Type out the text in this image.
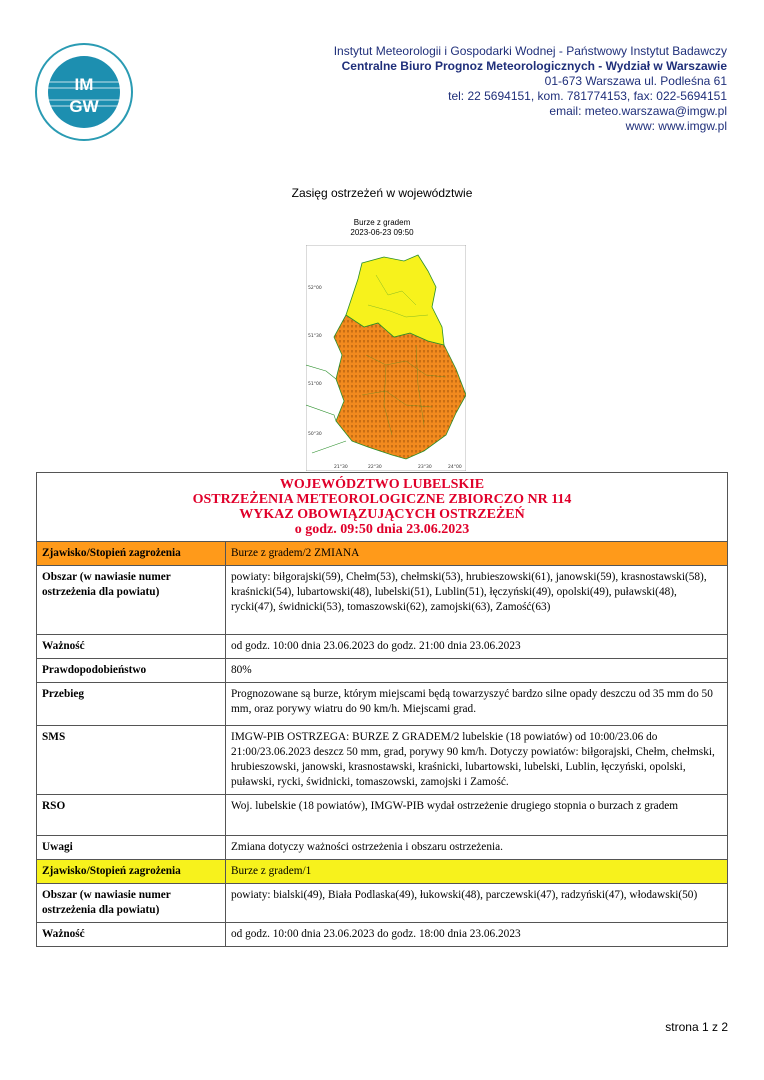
IM
GW
Instytut Meteorologii i Gospodarki Wodnej - Państwowy Instytut Badawczy
Centralne Biuro Prognoz Meteorologicznych - Wydział w Warszawie
01-673 Warszawa ul. Podleśna 61
tel: 22 5694151, kom. 781774153, fax: 022-5694151
email: meteo.warszawa@imgw.pl
www: www.imgw.pl
Zasięg ostrzeżeń w województwie
Burze z gradem
2023-06-23 09:50
52°00
51°30
51°00
50°30
21°30	22°30	23°30	24°00
WOJEWÓDZTWO LUBELSKIE
OSTRZEŻENIA METEOROLOGICZNE ZBIORCZO NR 114
WYKAZ OBOWIĄZUJĄCYCH OSTRZEŻEŃ
o godz. 09:50 dnia 23.06.2023	

Zjawisko/Stopień zagrożenia	Burze z gradem/2 ZMIANA
Obszar (w nawiasie numer ostrzeżenia dla powiatu)	powiaty: biłgorajski(59), Chełm(53), chełmski(53), hrubieszowski(61), janowski(59), krasnostawski(58), kraśnicki(54), lubartowski(48), lubelski(51), Lublin(51), łęczyński(49), opolski(49), puławski(48), rycki(47), świdnicki(53), tomaszowski(62), zamojski(63), Zamość(63)
Ważność	od godz. 10:00 dnia 23.06.2023 do godz. 21:00 dnia 23.06.2023
Prawdopodobieństwo	80%
Przebieg	Prognozowane są burze, którym miejscami będą towarzyszyć bardzo silne opady deszczu od 35 mm do 50 mm, oraz porywy wiatru do 90 km/h. Miejscami grad.
SMS	IMGW-PIB OSTRZEGA: BURZE Z GRADEM/2 lubelskie (18 powiatów) od 10:00/23.06 do 21:00/23.06.2023 deszcz 50 mm, grad, porywy 90 km/h. Dotyczy powiatów: biłgorajski, Chełm, chełmski, hrubieszowski, janowski, krasnostawski, kraśnicki, lubartowski, lubelski, Lublin, łęczyński, opolski, puławski, rycki, świdnicki, tomaszowski, zamojski i Zamość.
RSO	Woj. lubelskie (18 powiatów), IMGW-PIB wydał ostrzeżenie drugiego stopnia o burzach z gradem
Uwagi	Zmiana dotyczy ważności ostrzeżenia i obszaru ostrzeżenia.
Zjawisko/Stopień zagrożenia	Burze z gradem/1
Obszar (w nawiasie numer ostrzeżenia dla powiatu)	powiaty: bialski(49), Biała Podlaska(49), łukowski(48), parczewski(47), radzyński(47), włodawski(50)
Ważność	od godz. 10:00 dnia 23.06.2023 do godz. 18:00 dnia 23.06.2023
strona 1 z 2
